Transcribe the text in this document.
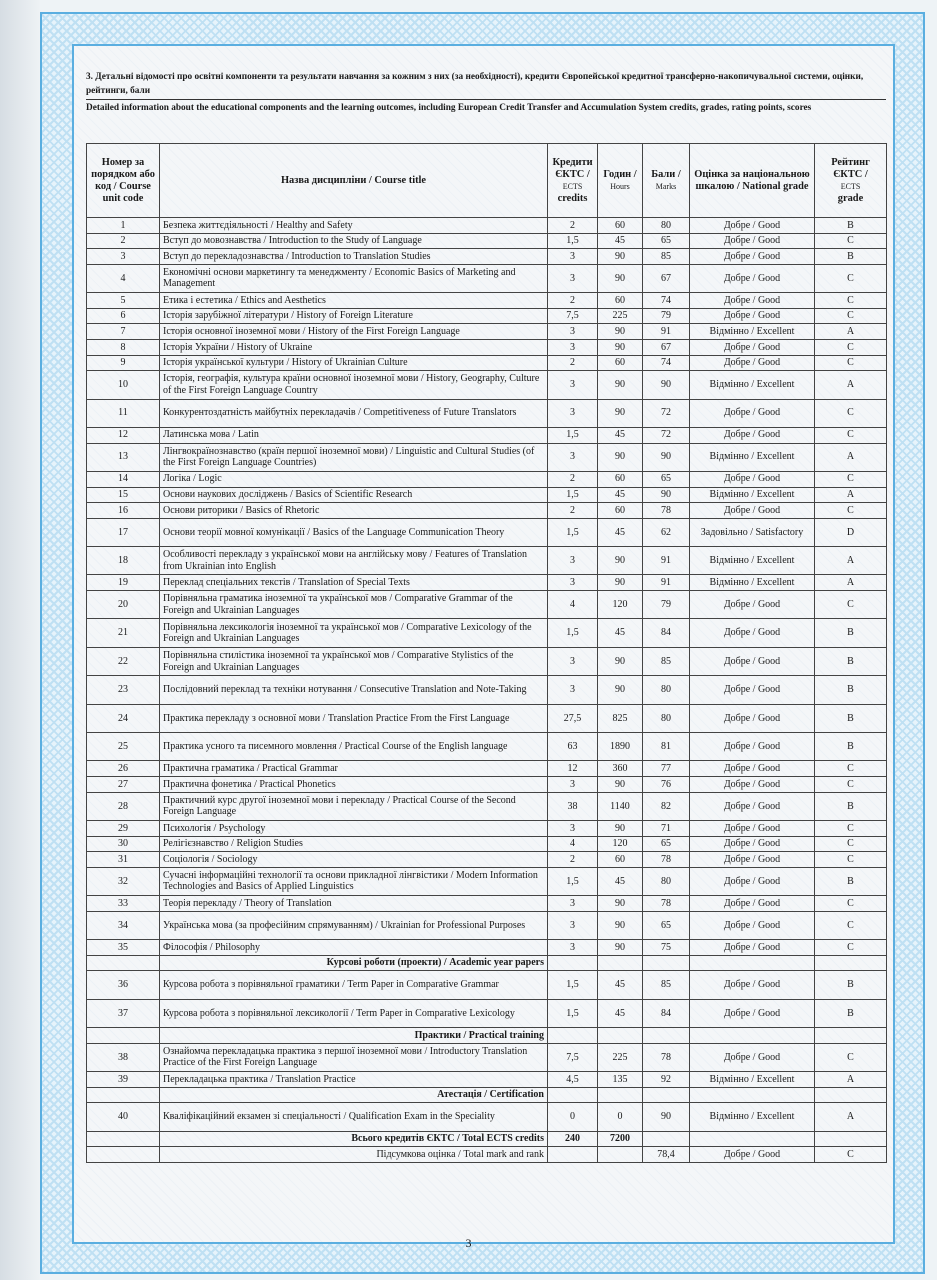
3. Детальні відомості про освітні компоненти та результати навчання за кожним з них (за необхідності), кредити Європейської кредитної трансферно-накопичувальної системи, оцінки, рейтинги, бали
Detailed information about the educational components and the learning outcomes, including European Credit Transfer and Accumulation System credits, grades, rating points, scores
Номер за порядком або код / Course unit code	Назва дисципліни / Course title	Кредити ЄКТС /
ECTS
credits	Годин /
Hours	Бали /
Marks	Оцінка за національною шкалою / National grade	Рейтинг ЄКТС /
ECTS
grade
1	Безпека життєдіяльності / Healthy and Safety	2	60	80	Добре / Good	B
2	Вступ до мовознавства / Introduction to the Study of Language	1,5	45	65	Добре / Good	C
3	Вступ до перекладознавства / Introduction to Translation Studies	3	90	85	Добре / Good	B
4	Економічні основи маркетингу та менеджменту / Economic Basics of Marketing and Management	3	90	67	Добре / Good	C
5	Етика і естетика / Ethics and Aesthetics	2	60	74	Добре / Good	C
6	Історія зарубіжної літератури / History of Foreign Literature	7,5	225	79	Добре / Good	C
7	Історія основної іноземної мови / History of the First Foreign Language	3	90	91	Відмінно / Excellent	A
8	Історія України / History of Ukraine	3	90	67	Добре / Good	C
9	Історія української культури / History of Ukrainian Culture	2	60	74	Добре / Good	C
10	Історія, географія, культура країни основної іноземної мови / History, Geography, Culture of the First Foreign Language Country	3	90	90	Відмінно / Excellent	A
11	Конкурентоздатність майбутніх перекладачів / Competitiveness of Future Translators	3	90	72	Добре / Good	C
12	Латинська мова / Latin	1,5	45	72	Добре / Good	C
13	Лінгвокраїнознавство (країн першої іноземної мови) / Linguistic and Cultural Studies (of the First Foreign Language Countries)	3	90	90	Відмінно / Excellent	A
14	Логіка / Logic	2	60	65	Добре / Good	C
15	Основи наукових досліджень / Basics of Scientific Research	1,5	45	90	Відмінно / Excellent	A
16	Основи риторики / Basics of Rhetoric	2	60	78	Добре / Good	C
17	Основи теорії мовної комунікації / Basics of the Language Communication Theory	1,5	45	62	Задовільно / Satisfactory	D
18	Особливості перекладу з української мови на англійську мову / Features of Translation from Ukrainian into English	3	90	91	Відмінно / Excellent	A
19	Переклад спеціальних текстів / Translation of Special Texts	3	90	91	Відмінно / Excellent	A
20	Порівняльна граматика іноземної та української мов / Comparative Grammar of the Foreign and Ukrainian Languages	4	120	79	Добре / Good	C
21	Порівняльна лексикологія іноземної та української мов / Comparative Lexicology of the Foreign and Ukrainian Languages	1,5	45	84	Добре / Good	B
22	Порівняльна стилістика іноземної та української мов / Comparative Stylistics of the Foreign and Ukrainian Languages	3	90	85	Добре / Good	B
23	Послідовний переклад та техніки нотування / Consecutive Translation and Note-Taking	3	90	80	Добре / Good	B
24	Практика перекладу з основної мови / Translation Practice From the First Language	27,5	825	80	Добре / Good	B
25	Практика усного та писемного мовлення / Practical Course of the English language	63	1890	81	Добре / Good	B
26	Практична граматика / Practical Grammar	12	360	77	Добре / Good	C
27	Практична фонетика / Practical Phonetics	3	90	76	Добре / Good	C
28	Практичний курс другої іноземної мови і перекладу / Practical Course of the Second Foreign Language	38	1140	82	Добре / Good	B
29	Психологія / Psychology	3	90	71	Добре / Good	C
30	Релігієзнавство / Religion Studies	4	120	65	Добре / Good	C
31	Соціологія / Sociology	2	60	78	Добре / Good	C
32	Сучасні інформаційні технології та основи прикладної лінгвістики / Modern Information Technologies and Basics of Applied Linguistics	1,5	45	80	Добре / Good	B
33	Теорія перекладу / Theory of Translation	3	90	78	Добре / Good	C
34	Українська мова (за професійним спрямуванням) / Ukrainian for Professional Purposes	3	90	65	Добре / Good	C
35	Філософія / Philosophy	3	90	75	Добре / Good	C
	Курсові роботи (проекти) / Academic year papers					
36	Курсова робота з порівняльної граматики / Term Paper in Comparative Grammar	1,5	45	85	Добре / Good	B
37	Курсова робота з порівняльної лексикології / Term Paper in Comparative Lexicology	1,5	45	84	Добре / Good	B
	Практики / Practical training					
38	Ознайомча перекладацька практика з першої іноземної мови / Introductory Translation Practice of the First Foreign Language	7,5	225	78	Добре / Good	C
39	Перекладацька практика / Translation Practice	4,5	135	92	Відмінно / Excellent	A
	Атестація / Certification					
40	Кваліфікаційний екзамен зі спеціальності / Qualification Exam in the Speciality	0	0	90	Відмінно / Excellent	A
	Всього кредитів ЄКТС / Total ECTS credits	240	7200			
	Підсумкова оцінка / Total mark and rank			78,4	Добре / Good	C
3
